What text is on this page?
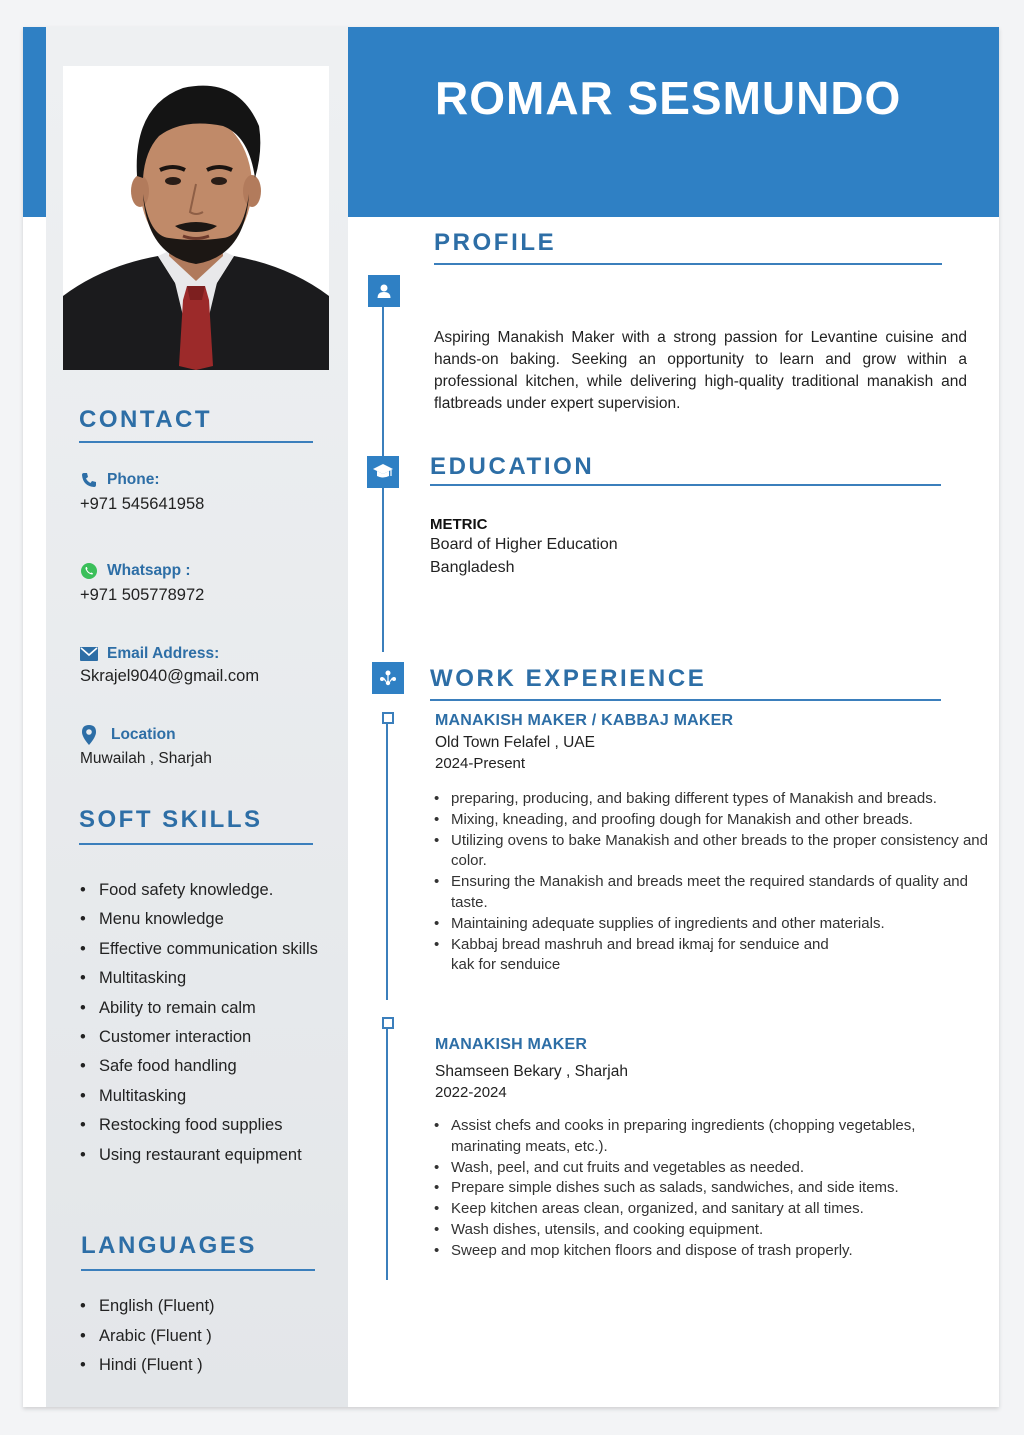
ROMAR SESMUNDO
CONTACT
Phone:
+971 545641958
Whatsapp :
+971 505778972
Email Address:
Skrajel9040@gmail.com
Location
Muwailah , Sharjah
SOFT SKILLS
• Food safety knowledge.
• Menu knowledge
• Effective communication skills
• Multitasking
• Ability to remain calm
• Customer interaction
• Safe food handling
• Multitasking
• Restocking food supplies
• Using restaurant equipment
LANGUAGES
• English (Fluent)
• Arabic (Fluent )
• Hindi (Fluent )
PROFILE
Aspiring Manakish Maker with a strong passion for Levantine cuisine and hands-on baking. Seeking an opportunity to learn and grow within a professional kitchen, while delivering high-quality traditional manakish and flatbreads under expert supervision.
EDUCATION
METRIC
Board of Higher Education
Bangladesh
WORK EXPERIENCE
MANAKISH MAKER / KABBAJ MAKER
Old Town Felafel , UAE
2024-Present
• preparing, producing, and baking different types of Manakish and breads.
• Mixing, kneading, and proofing dough for Manakish and other breads.
• Utilizing ovens to bake Manakish and other breads to the proper consistency and color.
• Ensuring the Manakish and breads meet the required standards of quality and taste.
• Maintaining adequate supplies of ingredients and other materials.
• Kabbaj bread mashruh and bread ikmaj for senduice and kak for senduice
MANAKISH MAKER
Shamseen Bekary , Sharjah
2022-2024
• Assist chefs and cooks in preparing ingredients (chopping vegetables, marinating meats, etc.).
• Wash, peel, and cut fruits and vegetables as needed.
• Prepare simple dishes such as salads, sandwiches, and side items.
• Keep kitchen areas clean, organized, and sanitary at all times.
• Wash dishes, utensils, and cooking equipment.
• Sweep and mop kitchen floors and dispose of trash properly.
